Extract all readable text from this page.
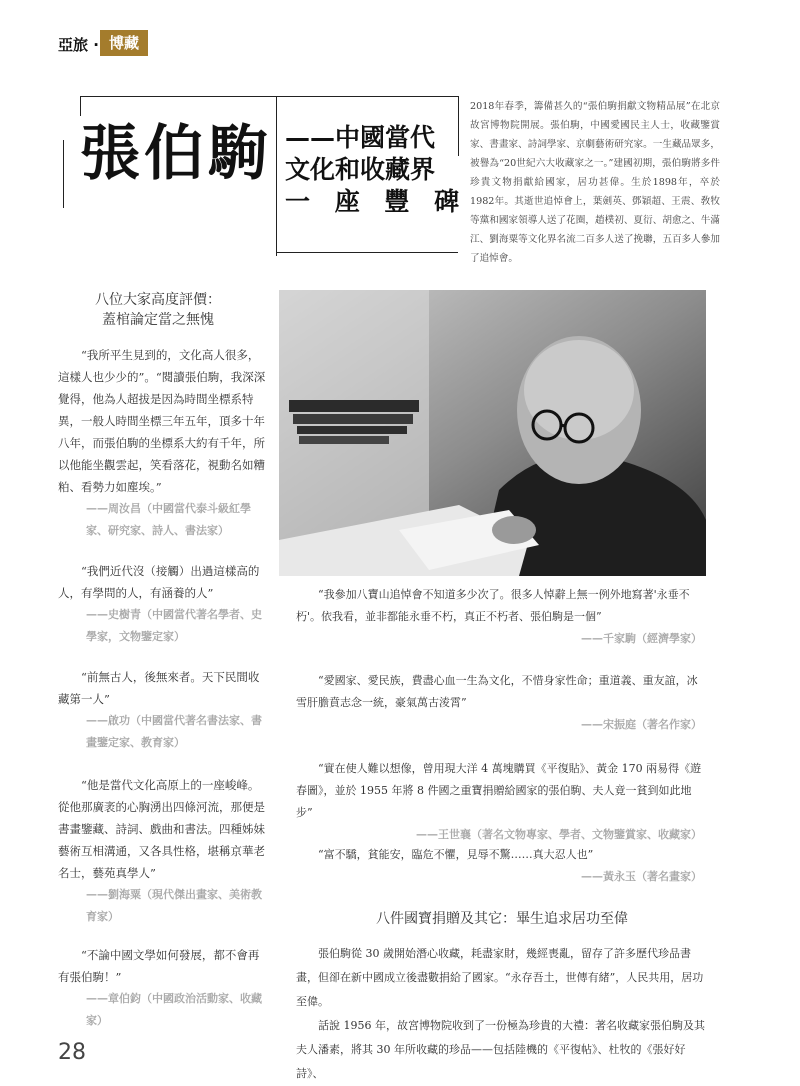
亞旅 · 博藏
張伯駒 ——中國當代
文化和收藏界
一 座 豐 碑
2018年春季，籌備甚久的“張伯駒捐獻文物精品展”在北京故宮博物院開展。張伯駒，中國愛國民主人士，收藏鑒賞家、書畫家、詩詞學家、京劇藝術研究家。一生藏品眾多，被譽為“20世紀六大收藏家之一。”建國初期，張伯駒將多件珍貴文物捐獻給國家，居功甚偉。生於1898年，卒於1982年。其逝世追悼會上，葉劍英、鄧穎超、王震、敎牧等黨和國家領導人送了花圈，趙樸初、夏衍、胡愈之、牛滿江、劉海粟等文化界名流二百多人送了挽聯，五百多人參加了追悼會。
八位大家高度評價：
蓋棺論定當之無愧

“我所平生見到的，文化高人很多，這樣人也少少的”。“閱讀張伯駒，我深深覺得，他為人超拔是因為時間坐標系特異，一般人時間坐標三年五年，頂多十年八年，而張伯駒的坐標系大約有千年，所以他能坐觀雲起，笑看落花，視動名如糟粕、看勢力如塵埃。”

——周汝昌（中國當代泰斗級紅學家、研究家、詩人、書法家）

“我們近代沒（接觸）出過這樣高的人，有學問的人，有涵養的人”

——史樹青（中國當代著名學者、史學家，文物鑒定家）

“前無古人，後無來者。天下民間收藏第一人”

——啟功（中國當代著名書法家、書畫鑒定家、教育家）

“他是當代文化高原上的一座峻峰。從他那廣袤的心胸湧出四條河流，那便是書畫鑒藏、詩詞、戲曲和書法。四種姊妹藝術互相溝通，又各具性格，堪稱京華老名士，藝苑真學人”

——劉海粟（現代傑出畫家、美術教育家）

“不論中國文學如何發展，都不會再有張伯駒！”

——章伯鈞（中國政治活動家、收藏家）

“我參加八寶山追悼會不知道多少次了。很多人悼辭上無一例外地寫著'永垂不朽'。依我看，並非都能永垂不朽，真正不朽者、張伯駒是一個”

——千家駒（經濟學家）

“愛國家、愛民族，費盡心血一生為文化，不惜身家性命；重道義、重友誼，冰雪肝膽賁志念一統，豪氣萬古淩霄”

——宋振庭（著名作家）

“實在使人難以想像，曾用現大洋 4 萬塊購買《平復貼》、黃金 170 兩易得《遊春圖》，並於 1955 年將 8 件國之重寶捐贈給國家的張伯駒、夫人竟一貧到如此地步”

——王世襄（著名文物專家、學者、文物鑒賞家、收藏家）

“富不驕，貧能安，臨危不懼，見辱不驚……真大忍人也”

——黃永玉（著名畫家）

八件國寶捐贈及其它：畢生追求居功至偉

張伯駒從 30 歲開始潛心收藏，耗盡家財，幾經喪亂，留存了許多歷代珍品書畫，但卻在新中國成立後盡數捐給了國家。“永存吾土，世傳有緒”，人民共用，居功至偉。

話說 1956 年，故宮博物院收到了一份極為珍貴的大禮：著名收藏家張伯駒及其夫人潘素，將其 30 年所收藏的珍品——包括陸機的《平復帖》、杜牧的《張好好詩》、

28
